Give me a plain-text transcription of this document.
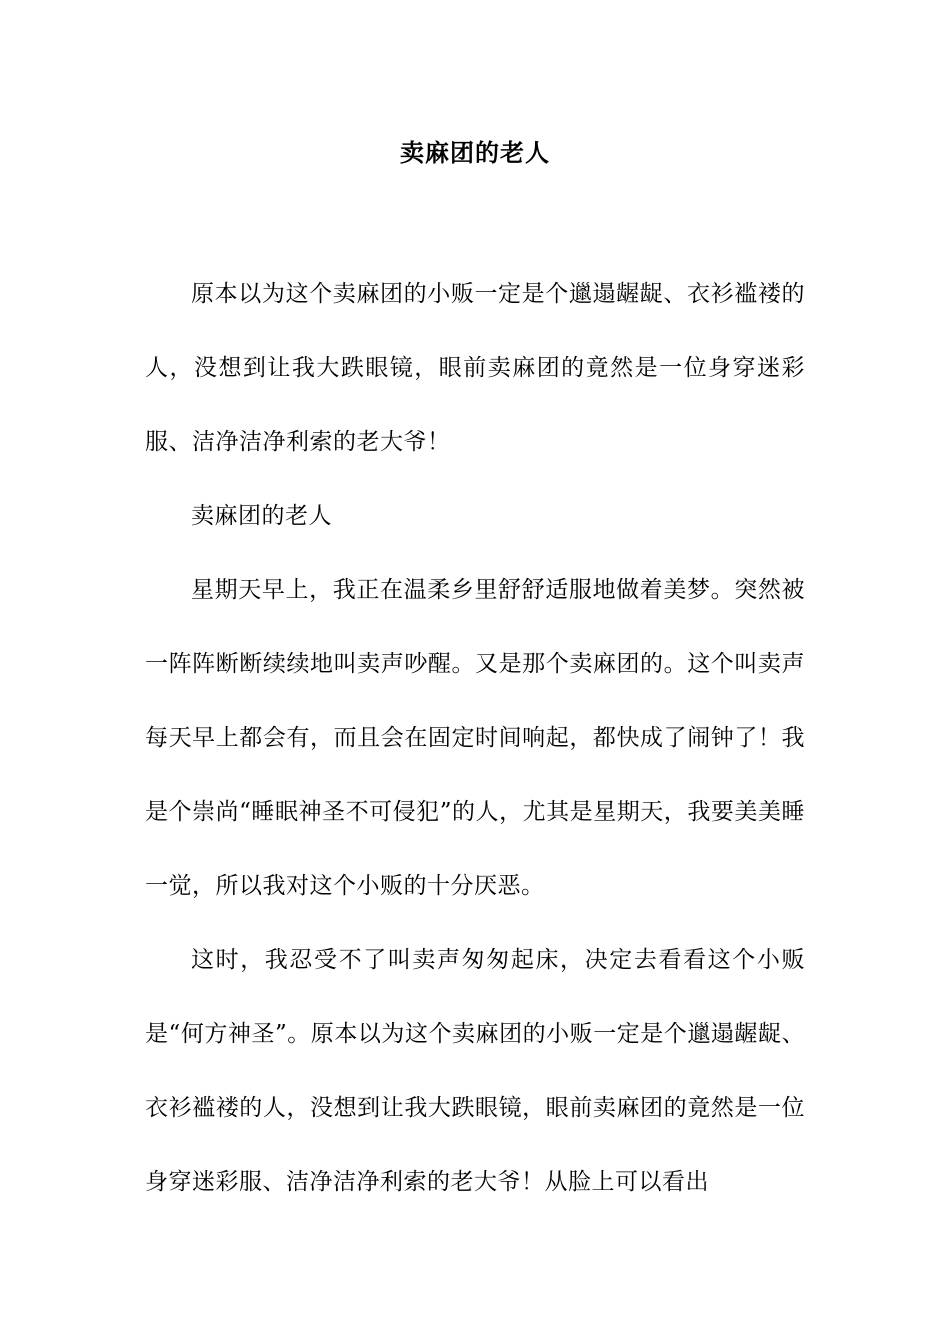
卖麻团的老人

原本以为这个卖麻团的小贩一定是个邋遢龌龊、衣衫褴褛的人，没想到让我大跌眼镜，眼前卖麻团的竟然是一位身穿迷彩服、洁净洁净利索的老大爷！

卖麻团的老人

星期天早上，我正在温柔乡里舒舒适服地做着美梦。突然被一阵阵断断续续地叫卖声吵醒。又是那个卖麻团的。这个叫卖声每天早上都会有，而且会在固定时间响起，都快成了闹钟了！我是个崇尚“睡眠神圣不可侵犯”的人，尤其是星期天，我要美美睡一觉，所以我对这个小贩的十分厌恶。

这时，我忍受不了叫卖声匆匆起床，决定去看看这个小贩是“何方神圣”。原本以为这个卖麻团的小贩一定是个邋遢龌龊、衣衫褴褛的人，没想到让我大跌眼镜，眼前卖麻团的竟然是一位身穿迷彩服、洁净洁净利索的老大爷！从脸上可以看出
